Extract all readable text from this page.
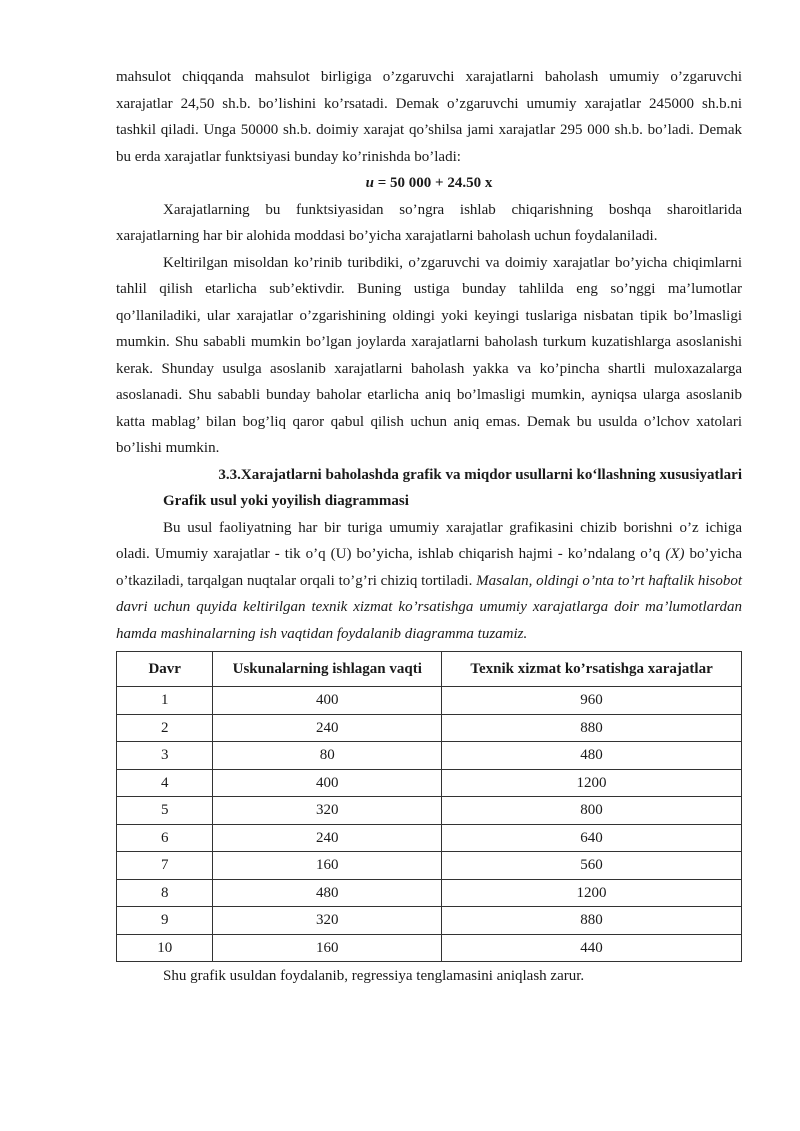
mahsulot chiqqanda mahsulot birligiga o’zgaruvchi xarajatlarni baholash umumiy o’zgaruvchi xarajatlar 24,50 sh.b. bo’lishini ko’rsatadi. Demak o’zgaruvchi umumiy xarajatlar 245000 sh.b.ni tashkil qiladi. Unga 50000 sh.b. doimiy xarajat qo’shilsa jami xarajatlar 295 000 sh.b. bo’ladi. Demak bu erda xarajatlar funktsiyasi bunday ko’rinishda bo’ladi:

u = 50 000 + 24.50 x

Xarajatlarning bu funktsiyasidan so’ngra ishlab chiqarishning boshqa sharoitlarida xarajatlarning har bir alohida moddasi bo’yicha xarajatlarni baholash uchun foydalaniladi.

Keltirilgan misoldan ko’rinib turibdiki, o’zgaruvchi va doimiy xarajatlar bo’yicha chiqimlarni tahlil qilish etarlicha sub’ektivdir. Buning ustiga bunday tahlilda eng so’nggi ma’lumotlar qo’llaniladiki, ular xarajatlar o’zgarishining oldingi yoki keyingi tuslariga nisbatan tipik bo’lmasligi mumkin. Shu sababli mumkin bo’lgan joylarda xarajatlarni baholash turkum kuzatishlarga asoslanishi kerak. Shunday usulga asoslanib xarajatlarni baholash yakka va ko’pincha shartli muloxazalarga asoslanadi. Shu sababli bunday baholar etarlicha aniq bo’lmasligi mumkin, ayniqsa ularga asoslanib katta mablag’ bilan bog’liq qaror qabul qilish uchun aniq emas. Demak bu usulda o’lchov xatolari bo’lishi mumkin.

3.3.Xarajatlarni baholashda grafik va miqdor usullarni ko‘llashning xususiyatlari

Grafik usul yoki yoyilish diagrammasi

Bu usul faoliyatning har bir turiga umumiy xarajatlar grafikasini chizib borishni o’z ichiga oladi. Umumiy xarajatlar - tik o’q (U) bo’yicha, ishlab chiqarish hajmi - ko’ndalang o’q (X) bo’yicha o’tkaziladi, tarqalgan nuqtalar orqali to’g’ri chiziq tortiladi. Masalan, oldingi o’nta to’rt haftalik hisobot davri uchun quyida keltirilgan texnik xizmat ko’rsatishga umumiy xarajatlarga doir ma’lumotlardan hamda mashinalarning ish vaqtidan foydalanib diagramma tuzamiz.

Davr	Uskunalarning ishlagan vaqti	Texnik xizmat ko’rsatishga xarajatlar
1	400	960
2	240	880
3	80	480
4	400	1200
5	320	800
6	240	640
7	160	560
8	480	1200
9	320	880
10	160	440

Shu grafik usuldan foydalanib, regressiya tenglamasini aniqlash zarur.
